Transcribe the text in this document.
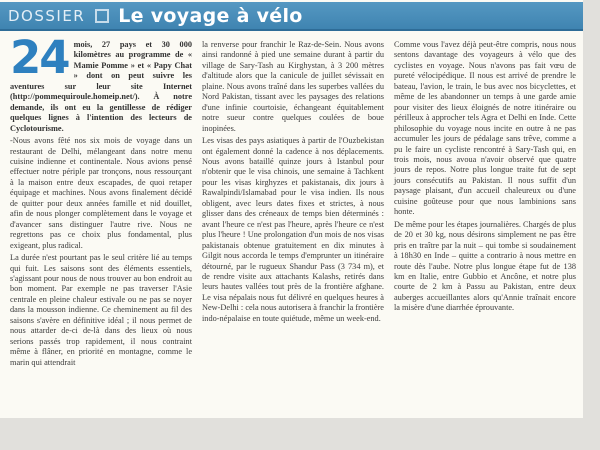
DOSSIER Le voyage à vélo

24 mois, 27 pays et 30 000 kilomètres au programme de « Mamie Pomme » et « Papy Chat » dont on peut suivre les aventures sur leur site Internet (http://pommequiroule.homeip.net/). À notre demande, ils ont eu la gentillesse de rédiger quelques lignes à l'intention des lecteurs de Cyclotourisme.

-Nous avons fêté nos six mois de voyage dans un restaurant de Delhi, mélangeant dans notre menu cuisine indienne et continentale. Nous avions pensé effectuer notre périple par tronçons, nous ressourçant à la maison entre deux escapades, de quoi retaper équipage et machines. Nous avons finalement décidé de quitter pour deux années famille et nid douillet, afin de nous plonger complètement dans le voyage et d'avancer sans distinguer l'autre rive. Nous ne regrettons pas ce choix plus fondamental, plus exigeant, plus radical.

La durée n'est pourtant pas le seul critère lié au temps qui fuit. Les saisons sont des éléments essentiels, s'agissant pour nous de nous trouver au bon endroit au bon moment. Par exemple ne pas traverser l'Asie centrale en pleine chaleur estivale ou ne pas se noyer dans la mousson indienne. Ce cheminement au fil des saisons s'avère en définitive idéal ; il nous permet de nous attarder de-ci de-là dans des lieux où nous serions passés trop rapidement, il nous contraint même à flâner, en priorité en montagne, comme le marin qui attendrait

la renverse pour franchir le Raz-de-Sein. Nous avons ainsi randonné à pied une semaine durant à partir du village de Sary-Tash au Kirghystan, à 3 200 mètres d'altitude alors que la canicule de juillet sévissait en plaine. Nous avons traîné dans les superbes vallées du Nord Pakistan, tissant avec les paysages des relations d'une infinie courtoisie, échangeant équitablement notre sueur contre quelques coulées de boue inopinées.

Les visas des pays asiatiques à partir de l'Ouzbekistan ont également donné la cadence à nos déplacements. Nous avons bataillé quinze jours à Istanbul pour n'obtenir que le visa chinois, une semaine à Tachkent pour les visas kirghyzes et pakistanais, dix jours à Rawalpindi/Islamabad pour le visa indien. Ils nous obligent, avec leurs dates fixes et strictes, à nous glisser dans des créneaux de temps bien déterminés : avant l'heure ce n'est pas l'heure, après l'heure ce n'est plus l'heure ! Une prolongation d'un mois de nos visas pakistanais obtenue gratuitement en dix minutes à Gilgit nous accorda le temps d'emprunter un itinéraire détourné, par le rugueux Shandur Pass (3 734 m), et de rendre visite aux attachants Kalashs, retirés dans leurs hautes vallées tout près de la frontière afghane. Le visa népalais nous fut délivré en quelques heures à New-Delhi : cela nous autorisera à franchir la frontière indo-népalaise en toute quiétude, même un week-end.

Comme vous l'avez déjà peut-être compris, nous nous sentons davantage des voyageurs à vélo que des cyclistes en voyage. Nous n'avons pas fait vœu de pureté vélocipédique. Il nous est arrivé de prendre le bateau, l'avion, le train, le bus avec nos bicyclettes, et même de les abandonner un temps à une garde amie pour visiter des lieux éloignés de notre itinéraire ou périlleux à approcher tels Agra et Delhi en Inde. Cette philosophie du voyage nous incite en outre à ne pas accumuler les jours de pédalage sans trêve, comme a pu le faire un cycliste rencontré à Sary-Tash qui, en trois mois, nous avoua n'avoir observé que quatre jours de repos. Notre plus longue traite fut de sept jours consécutifs au Pakistan. Il nous suffit d'un paysage plaisant, d'un accueil chaleureux ou d'une cuisine goûteuse pour que nous lambinions sans honte.

De même pour les étapes journalières. Chargés de plus de 20 et 30 kg, nous désirons simplement ne pas être pris en traître par la nuit – qui tombe si soudainement à 18h30 en Inde – quitte a contrario à nous mettre en route dès l'aube. Notre plus longue étape fut de 138 km en Italie, entre Gubbio et Ancône, et notre plus courte de 2 km à Passu au Pakistan, entre deux auberges accueillantes alors qu'Annie traînait encore la misère d'une diarrhée éprouvante.
